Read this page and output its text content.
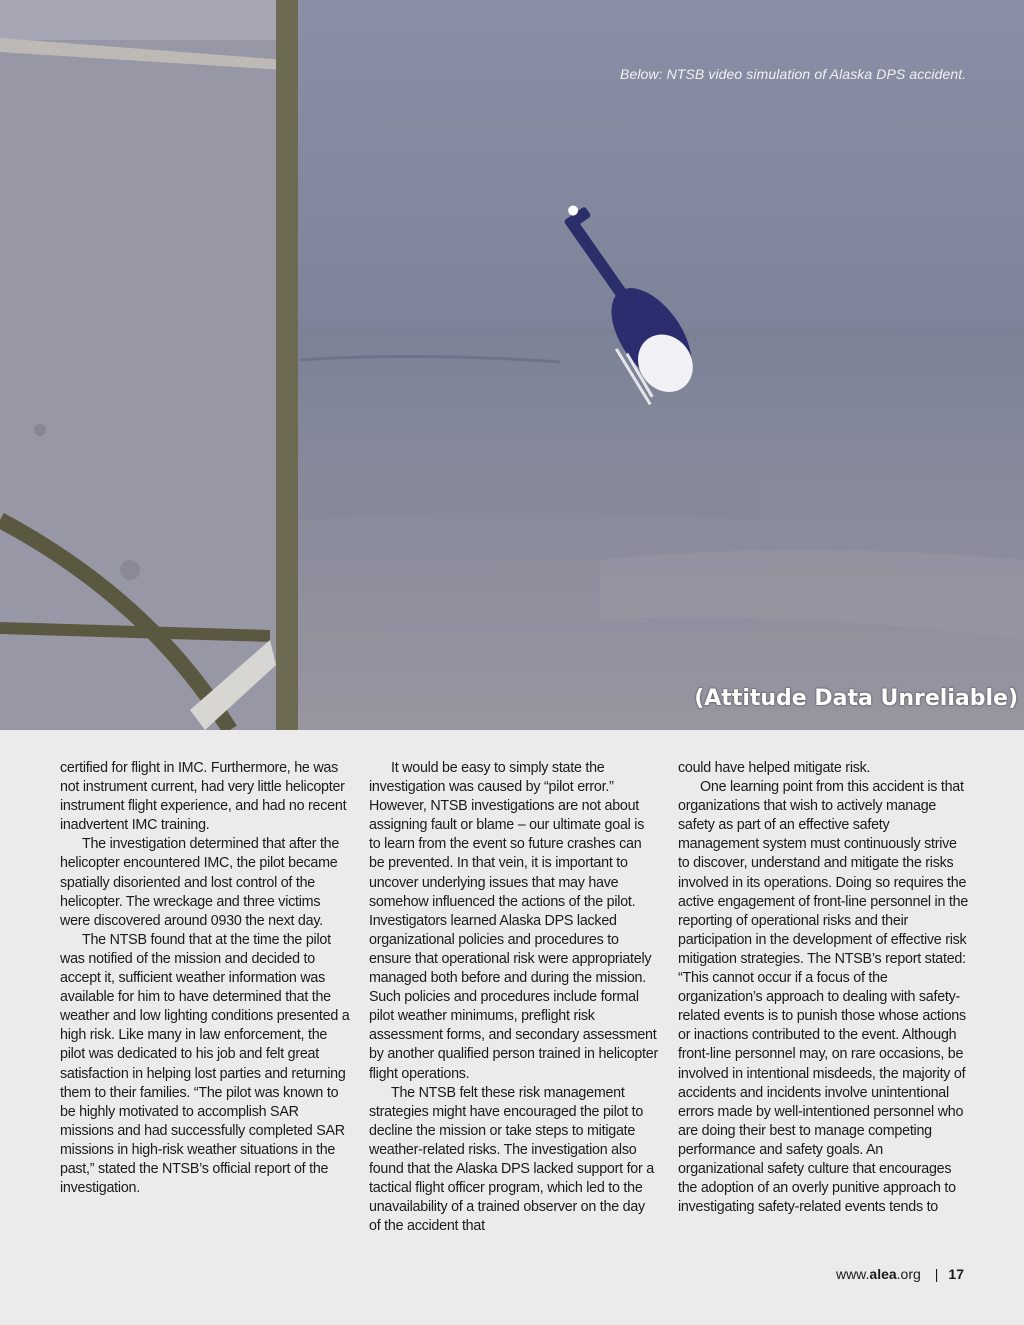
Below: NTSB video simulation of Alaska DPS accident.
(Attitude Data Unreliable)

certified for flight in IMC. Furthermore, he was not instrument current, had very little helicopter instrument flight experience, and had no recent inadvertent IMC training.

The investigation determined that after the helicopter encountered IMC, the pilot became spatially disoriented and lost control of the helicopter. The wreckage and three victims were discovered around 0930 the next day.

The NTSB found that at the time the pilot was notified of the mission and decided to accept it, sufficient weather information was available for him to have determined that the weather and low lighting conditions presented a high risk. Like many in law enforcement, the pilot was dedicated to his job and felt great satisfaction in helping lost parties and returning them to their families. “The pilot was known to be highly motivated to accomplish SAR missions and had successfully completed SAR missions in high-risk weather situations in the past,” stated the NTSB’s official report of the investigation.

It would be easy to simply state the investigation was caused by “pilot error.” However, NTSB investigations are not about assigning fault or blame – our ultimate goal is to learn from the event so future crashes can be prevented. In that vein, it is important to uncover underlying issues that may have somehow influenced the actions of the pilot. Investigators learned Alaska DPS lacked organizational policies and procedures to ensure that operational risk were appropriately managed both before and during the mission. Such policies and procedures include formal pilot weather minimums, preflight risk assessment forms, and secondary assessment by another qualified person trained in helicopter flight operations.

The NTSB felt these risk management strategies might have encouraged the pilot to decline the mission or take steps to mitigate weather-related risks. The investigation also found that the Alaska DPS lacked support for a tactical flight officer program, which led to the unavailability of a trained observer on the day of the accident that

could have helped mitigate risk.

One learning point from this accident is that organizations that wish to actively manage safety as part of an effective safety management system must continuously strive to discover, understand and mitigate the risks involved in its operations. Doing so requires the active engagement of front-line personnel in the reporting of operational risks and their participation in the development of effective risk mitigation strategies. The NTSB’s report stated: “This cannot occur if a focus of the organization’s approach to dealing with safety-related events is to punish those whose actions or inactions contributed to the event. Although front-line personnel may, on rare occasions, be involved in intentional misdeeds, the majority of accidents and incidents involve unintentional errors made by well-intentioned personnel who are doing their best to manage competing performance and safety goals. An organizational safety culture that encourages the adoption of an overly punitive approach to investigating safety-related events tends to

www.alea.org | 17
